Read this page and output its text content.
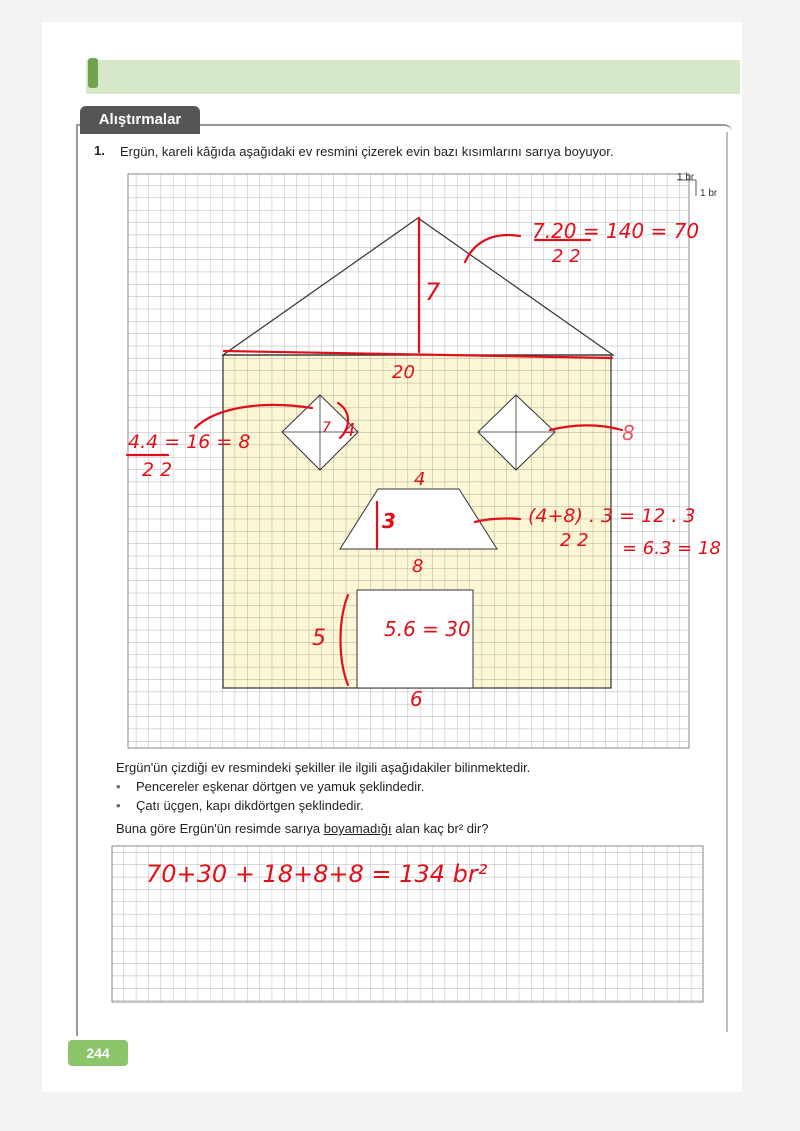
Alıştırmalar
1. Ergün, kareli kâğıda aşağıdaki ev resmini çizerek evin bazı kısımlarını sarıya boyuyor.
1 br
1 br
7
20
7.20 = 140 = 70
2 2
4.4 = 16 = 8
2 2
4
7	8
4
3
8
(4+8) . 3 = 12 . 3
2 2 = 6.3 = 18
5	5.6 = 30
6
70+30 + 18+8+8 = 134 br²
Ergün'ün çizdiği ev resmindeki şekiller ile ilgili aşağıdakiler bilinmektedir.
• Pencereler eşkenar dörtgen ve yamuk şeklindedir.
• Çatı üçgen, kapı dikdörtgen şeklindedir.
Buna göre Ergün'ün resimde sarıya boyamadığı alan kaç br² dir?
244
